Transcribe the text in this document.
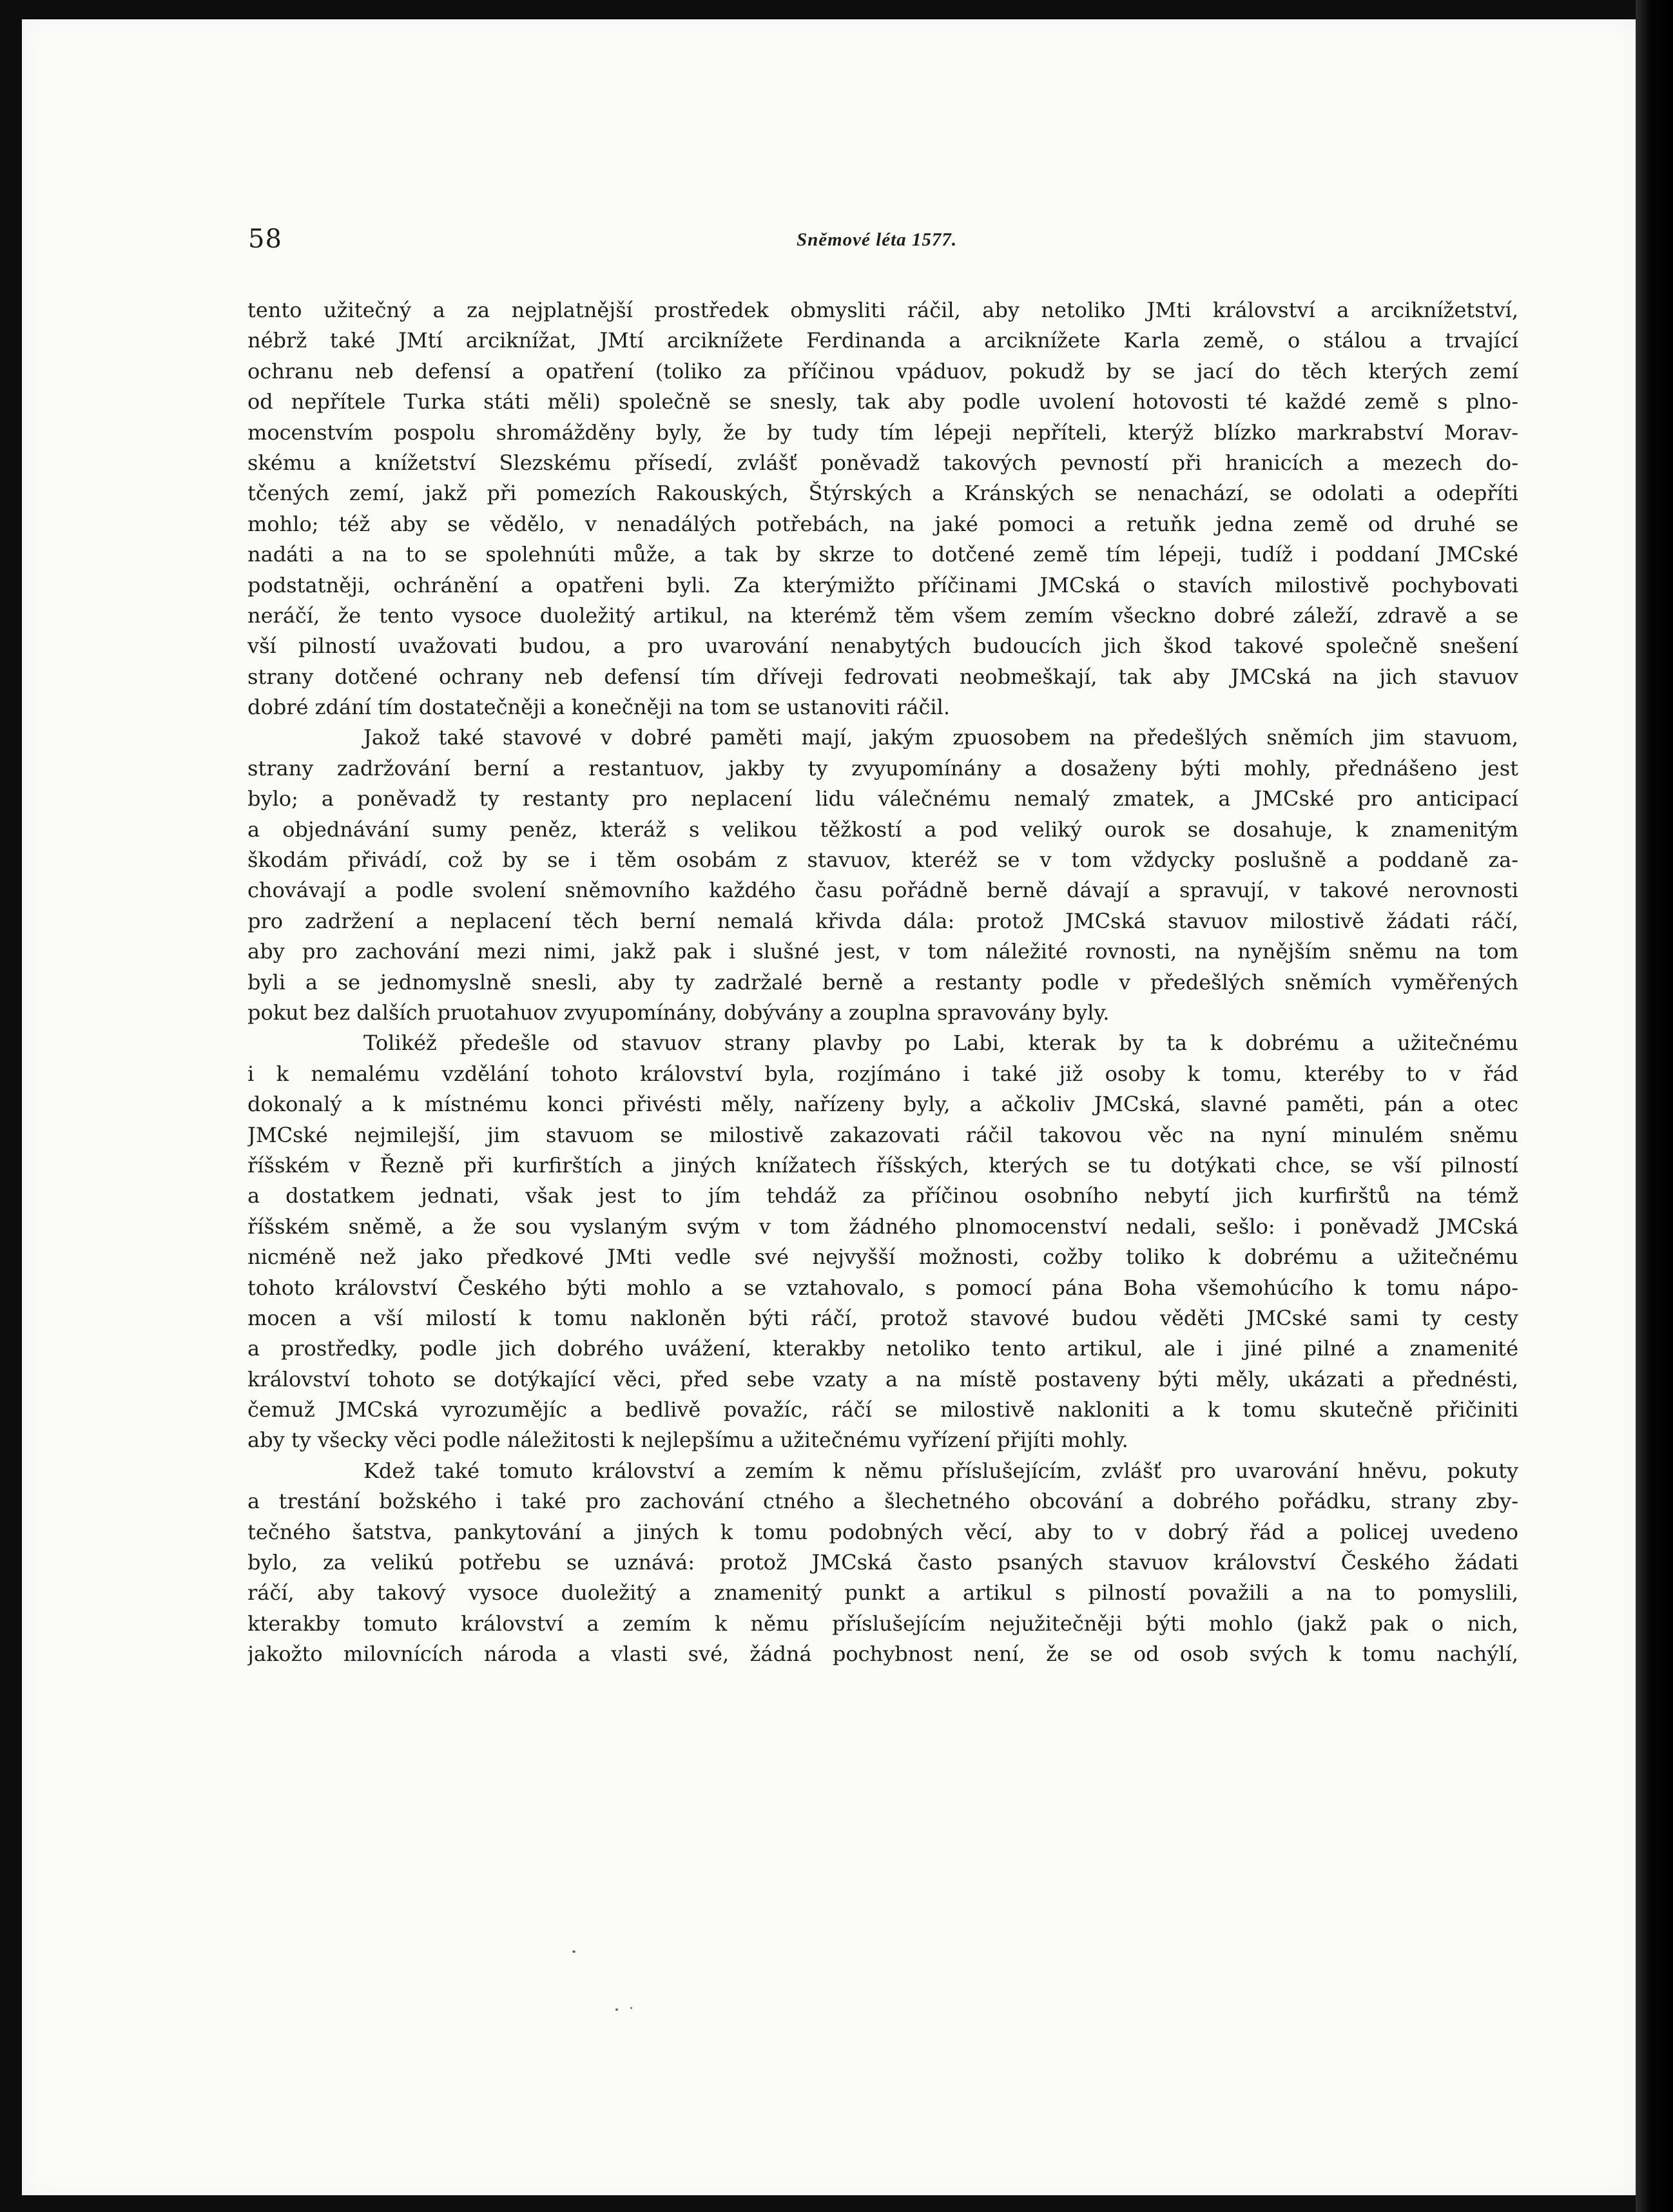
58	Sněmové léta 1577.
tento užitečný a za nejplatnější prostředek obmysliti ráčil, aby netoliko JMti království a arciknížetství,
nébrž také JMtí arciknížat, JMtí arciknížete Ferdinanda a arciknížete Karla země, o stálou a trvající
ochranu neb defensí a opatření (toliko za příčinou vpáduov, pokudž by se jací do těch kterých zemí
od nepřítele Turka státi měli) společně se snesly, tak aby podle uvolení hotovosti té každé země s plno-
mocenstvím pospolu shromážděny byly, že by tudy tím lépeji nepříteli, kterýž blízko markrabství Morav-
skému a knížetství Slezskému přísedí, zvlášť poněvadž takových pevností při hranicích a mezech do-
tčených zemí, jakž při pomezích Rakouských, Štýrských a Kránských se nenachází, se odolati a odepříti
mohlo; též aby se vědělo, v nenadálých potřebách, na jaké pomoci a retuňk jedna země od druhé se
nadáti a na to se spolehnúti může, a tak by skrze to dotčené země tím lépeji, tudíž i poddaní JMCské
podstatněji, ochránění a opatřeni byli. Za kterýmižto příčinami JMCská o stavích milostivě pochybovati
neráčí, že tento vysoce duoležitý artikul, na kterémž těm všem zemím všeckno dobré záleží, zdravě a se
vší pilností uvažovati budou, a pro uvarování nenabytých budoucích jich škod takové společně snešení
strany dotčené ochrany neb defensí tím dříveji fedrovati neobmeškají, tak aby JMCská na jich stavuov
dobré zdání tím dostatečněji a konečněji na tom se ustanoviti ráčil.
Jakož také stavové v dobré paměti mají, jakým zpuosobem na předešlých sněmích jim stavuom,
strany zadržování berní a restantuov, jakby ty zvyupomínány a dosaženy býti mohly, přednášeno jest
bylo; a poněvadž ty restanty pro neplacení lidu válečnému nemalý zmatek, a JMCské pro anticipací
a objednávání sumy peněz, kteráž s velikou těžkostí a pod veliký ourok se dosahuje, k znamenitým
škodám přivádí, což by se i těm osobám z stavuov, kteréž se v tom vždycky poslušně a poddaně za-
chovávají a podle svolení sněmovního každého času pořádně berně dávají a spravují, v takové nerovnosti
pro zadržení a neplacení těch berní nemalá křivda dála: protož JMCská stavuov milostivě žádati ráčí,
aby pro zachování mezi nimi, jakž pak i slušné jest, v tom náležité rovnosti, na nynějším sněmu na tom
byli a se jednomyslně snesli, aby ty zadržalé berně a restanty podle v předešlých sněmích vyměřených
pokut bez dalších pruotahuov zvyupomínány, dobývány a zouplna spravovány byly.
Tolikéž předešle od stavuov strany plavby po Labi, kterak by ta k dobrému a užitečnému
i k nemalému vzdělání tohoto království byla, rozjímáno i také již osoby k tomu, kteréby to v řád
dokonalý a k místnému konci přivésti měly, nařízeny byly, a ačkoliv JMCská, slavné paměti, pán a otec
JMCské nejmilejší, jim stavuom se milostivě zakazovati ráčil takovou věc na nyní minulém sněmu
říšském v Řezně při kurfirštích a jiných knížatech říšských, kterých se tu dotýkati chce, se vší pilností
a dostatkem jednati, však jest to jím tehdáž za příčinou osobního nebytí jich kurfirštů na témž
říšském sněmě, a že sou vyslaným svým v tom žádného plnomocenství nedali, sešlo: i poněvadž JMCská
nicméně než jako předkové JMti vedle své nejvyšší možnosti, cožby toliko k dobrému a užitečnému
tohoto království Českého býti mohlo a se vztahovalo, s pomocí pána Boha všemohúcího k tomu nápo-
mocen a vší milostí k tomu nakloněn býti ráčí, protož stavové budou věděti JMCské sami ty cesty
a prostředky, podle jich dobrého uvážení, kterakby netoliko tento artikul, ale i jiné pilné a znamenité
království tohoto se dotýkající věci, před sebe vzaty a na místě postaveny býti měly, ukázati a přednésti,
čemuž JMCská vyrozumějíc a bedlivě považíc, ráčí se milostivě nakloniti a k tomu skutečně přičiniti
aby ty všecky věci podle náležitosti k nejlepšímu a užitečnému vyřízení přijíti mohly.
Kdež také tomuto království a zemím k němu příslušejícím, zvlášť pro uvarování hněvu, pokuty
a trestání božského i také pro zachování ctného a šlechetného obcování a dobrého pořádku, strany zby-
tečného šatstva, pankytování a jiných k tomu podobných věcí, aby to v dobrý řád a policej uvedeno
bylo, za velikú potřebu se uznává: protož JMCská často psaných stavuov království Českého žádati
ráčí, aby takový vysoce duoležitý a znamenitý punkt a artikul s pilností považili a na to pomyslili,
kterakby tomuto království a zemím k němu příslušejícím nejužitečněji býti mohlo (jakž pak o nich,
jakožto milovnících národa a vlasti své, žádná pochybnost není, že se od osob svých k tomu nachýlí,
